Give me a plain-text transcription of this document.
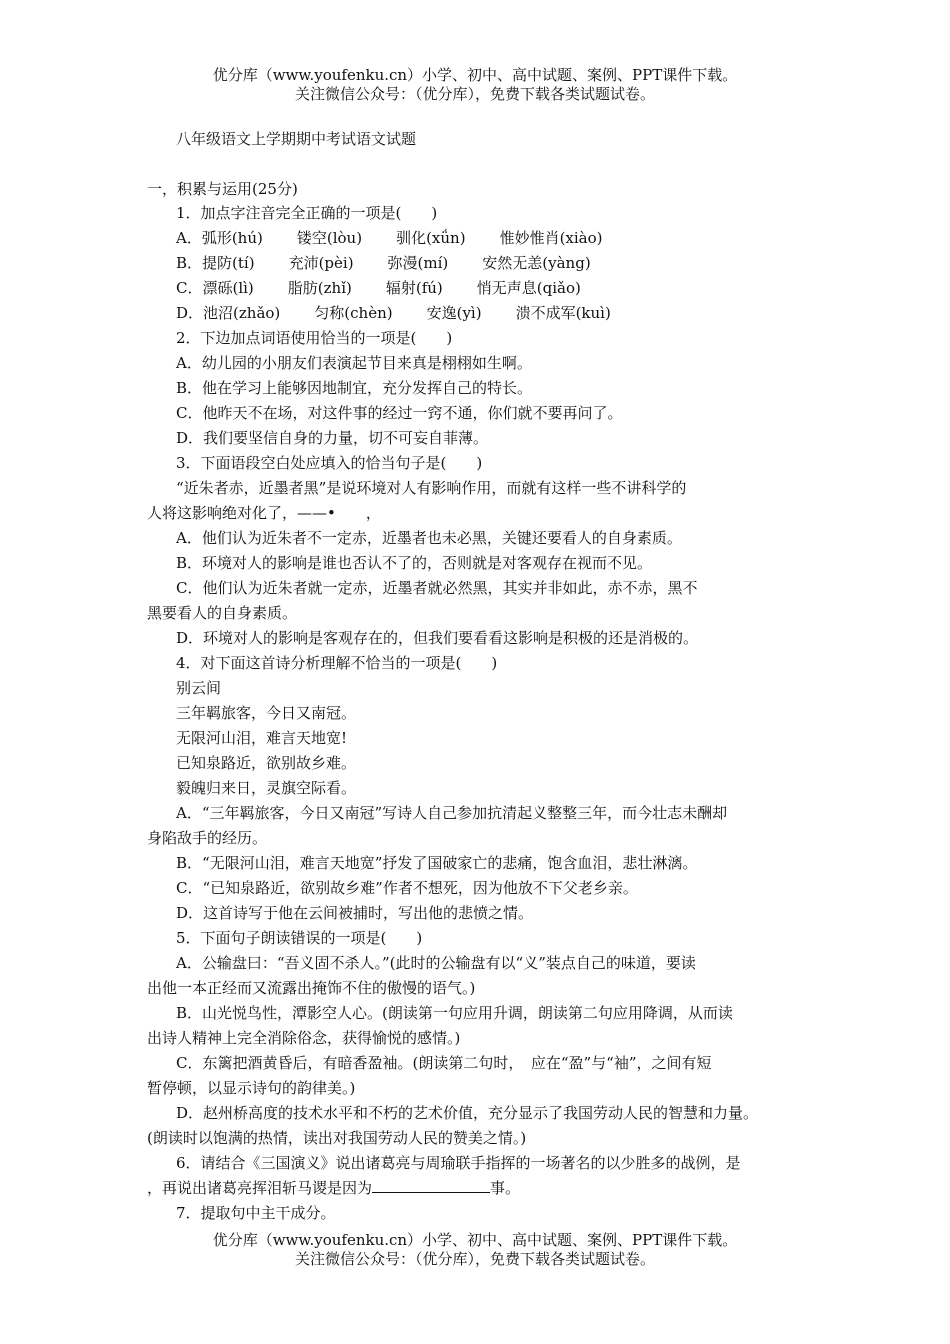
优分库（www.youfenku.cn）小学、初中、高中试题、案例、PPT课件下载。
关注微信公众号：（优分库），免费下载各类试题试卷。
八年级语文上学期期中考试语文试题
一，积累与运用(25分)
1．加点字注音完全正确的一项是(　　)
A．弧形(hú) 镂空(lòu) 驯化(xǘn) 惟妙惟肖(xiào)
B．提防(tí) 充沛(pèi) 弥漫(mí) 安然无恙(yàng)
C．漂砾(lì) 脂肪(zhǐ) 辐射(fú) 悄无声息(qiǎo)
D．池沼(zhǎo) 匀称(chèn) 安逸(yì) 溃不成军(kuì)
2．下边加点词语使用恰当的一项是(　　)
A．幼儿园的小朋友们表演起节目来真是栩栩如生啊。
B．他在学习上能够因地制宜，充分发挥自己的特长。
C．他昨天不在场，对这件事的经过一窍不通，你们就不要再问了。
D．我们要坚信自身的力量，切不可妄自菲薄。
3．下面语段空白处应填入的恰当句子是(　　)
“近朱者赤，近墨者黑”是说环境对人有影响作用，而就有这样一些不讲科学的
人将这影响绝对化了，——•　　，
A．他们认为近朱者不一定赤，近墨者也未必黑，关键还要看人的自身素质。
B．环境对人的影响是谁也否认不了的，否则就是对客观存在视而不见。
C．他们认为近朱者就一定赤，近墨者就必然黑，其实并非如此，赤不赤，黑不
黑要看人的自身素质。
D．环境对人的影响是客观存在的，但我们要看看这影响是积极的还是消极的。
4．对下面这首诗分析理解不恰当的一项是(　　)
别云间
三年羁旅客，今日又南冠。
无限河山泪，难言天地宽!
已知泉路近，欲别故乡难。
毅魄归来日，灵旗空际看。
A．“三年羁旅客，今日又南冠”写诗人自己参加抗清起义整整三年，而今壮志未酬却
身陷敌手的经历。
B．“无限河山泪，难言天地宽”抒发了国破家亡的悲痛，饱含血泪，悲壮淋漓。
C．“已知泉路近，欲别故乡难”作者不想死，因为他放不下父老乡亲。
D．这首诗写于他在云间被捕时，写出他的悲愤之情。
5．下面句子朗读错误的一项是(　　)
A．公输盘曰：“吾义固不杀人。”(此时的公输盘有以“义”装点自己的味道，要读
出他一本正经而又流露出掩饰不住的傲慢的语气。)
B．山光悦鸟性，潭影空人心。(朗读第一句应用升调，朗读第二句应用降调，从而读
出诗人精神上完全消除俗念，获得愉悦的感情。)
C．东篱把酒黄昏后，有暗香盈袖。(朗读第二句时，　应在“盈”与“袖”，之间有短
暂停顿，以显示诗句的韵律美。)
D．赵州桥高度的技术水平和不朽的艺术价值，充分显示了我国劳动人民的智慧和力量。
(朗读时以饱满的热情，读出对我国劳动人民的赞美之情。)
6．请结合《三国演义》说出诸葛亮与周瑜联手指挥的一场著名的以少胜多的战例，是
，再说出诸葛亮挥泪斩马谡是因为	事。
7．提取句中主干成分。
优分库（www.youfenku.cn）小学、初中、高中试题、案例、PPT课件下载。
关注微信公众号：（优分库），免费下载各类试题试卷。
